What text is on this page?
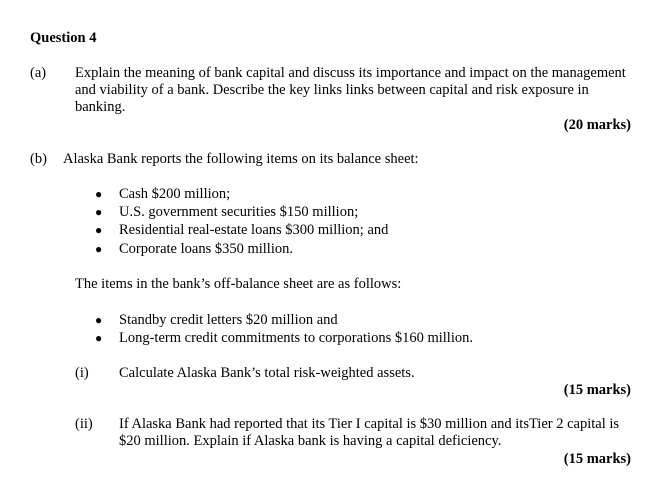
Question 4
(a) Explain the meaning of bank capital and discuss its importance and impact on the management and viability of a bank. Describe the key links links between capital and risk exposure in banking.
(20 marks)
(b) Alaska Bank reports the following items on its balance sheet:
● Cash $200 million;
● U.S. government securities $150 million;
● Residential real-estate loans $300 million; and
● Corporate loans $350 million.
The items in the bank’s off-balance sheet are as follows:
● Standby credit letters $20 million and
● Long-term credit commitments to corporations $160 million.
(i) Calculate Alaska Bank’s total risk-weighted assets.
(15 marks)
(ii) If Alaska Bank had reported that its Tier I capital is $30 million and itsTier 2 capital is $20 million. Explain if Alaska bank is having a capital deficiency.
(15 marks)
